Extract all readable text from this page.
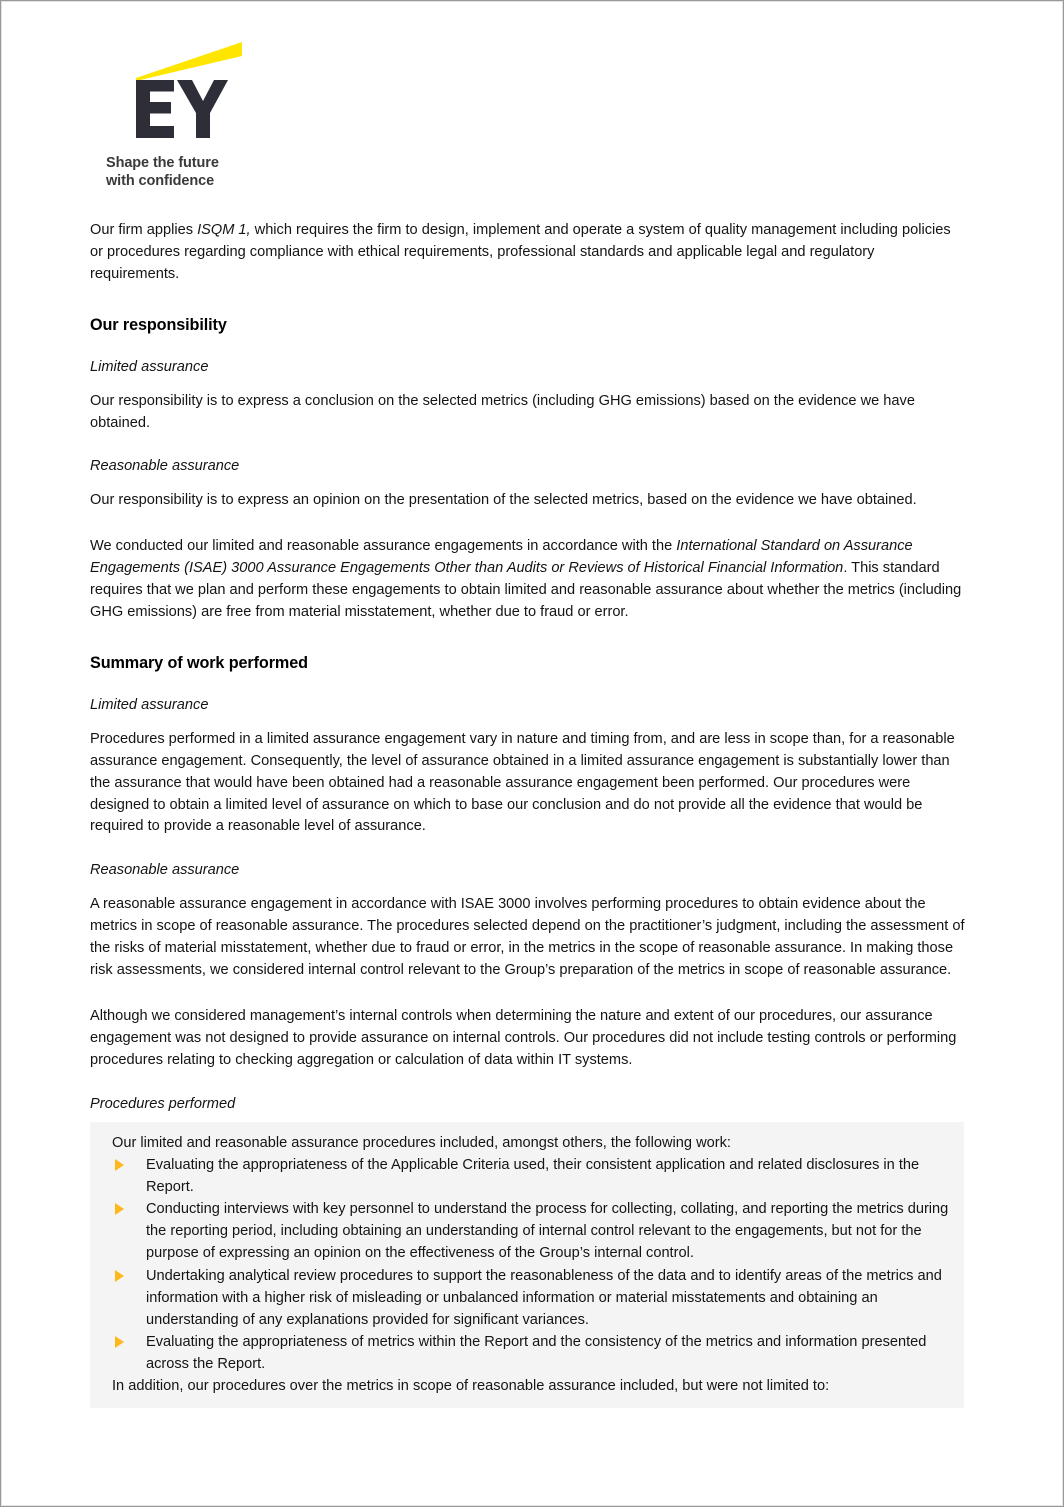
Shape the future
with confidence

Our firm applies ISQM 1, which requires the firm to design, implement and operate a system of quality management including policies or procedures regarding compliance with ethical requirements, professional standards and applicable legal and regulatory requirements.

Our responsibility

Limited assurance

Our responsibility is to express a conclusion on the selected metrics (including GHG emissions) based on the evidence we have obtained.

Reasonable assurance

Our responsibility is to express an opinion on the presentation of the selected metrics, based on the evidence we have obtained.

We conducted our limited and reasonable assurance engagements in accordance with the International Standard on Assurance Engagements (ISAE) 3000 Assurance Engagements Other than Audits or Reviews of Historical Financial Information. This standard requires that we plan and perform these engagements to obtain limited and reasonable assurance about whether the metrics (including GHG emissions) are free from material misstatement, whether due to fraud or error.

Summary of work performed

Limited assurance

Procedures performed in a limited assurance engagement vary in nature and timing from, and are less in scope than, for a reasonable assurance engagement. Consequently, the level of assurance obtained in a limited assurance engagement is substantially lower than the assurance that would have been obtained had a reasonable assurance engagement been performed. Our procedures were designed to obtain a limited level of assurance on which to base our conclusion and do not provide all the evidence that would be required to provide a reasonable level of assurance.

Reasonable assurance

A reasonable assurance engagement in accordance with ISAE 3000 involves performing procedures to obtain evidence about the metrics in scope of reasonable assurance. The procedures selected depend on the practitioner’s judgment, including the assessment of the risks of material misstatement, whether due to fraud or error, in the metrics in the scope of reasonable assurance. In making those risk assessments, we considered internal control relevant to the Group’s preparation of the metrics in scope of reasonable assurance.

Although we considered management’s internal controls when determining the nature and extent of our procedures, our assurance engagement was not designed to provide assurance on internal controls. Our procedures did not include testing controls or performing procedures relating to checking aggregation or calculation of data within IT systems.

Procedures performed

Our limited and reasonable assurance procedures included, amongst others, the following work:

Evaluating the appropriateness of the Applicable Criteria used, their consistent application and related disclosures in the Report.
Conducting interviews with key personnel to understand the process for collecting, collating, and reporting the metrics during the reporting period, including obtaining an understanding of internal control relevant to the engagements, but not for the purpose of expressing an opinion on the effectiveness of the Group’s internal control.
Undertaking analytical review procedures to support the reasonableness of the data and to identify areas of the metrics and information with a higher risk of misleading or unbalanced information or material misstatements and obtaining an understanding of any explanations provided for significant variances.
Evaluating the appropriateness of metrics within the Report and the consistency of the metrics and information presented across the Report.

In addition, our procedures over the metrics in scope of reasonable assurance included, but were not limited to:
